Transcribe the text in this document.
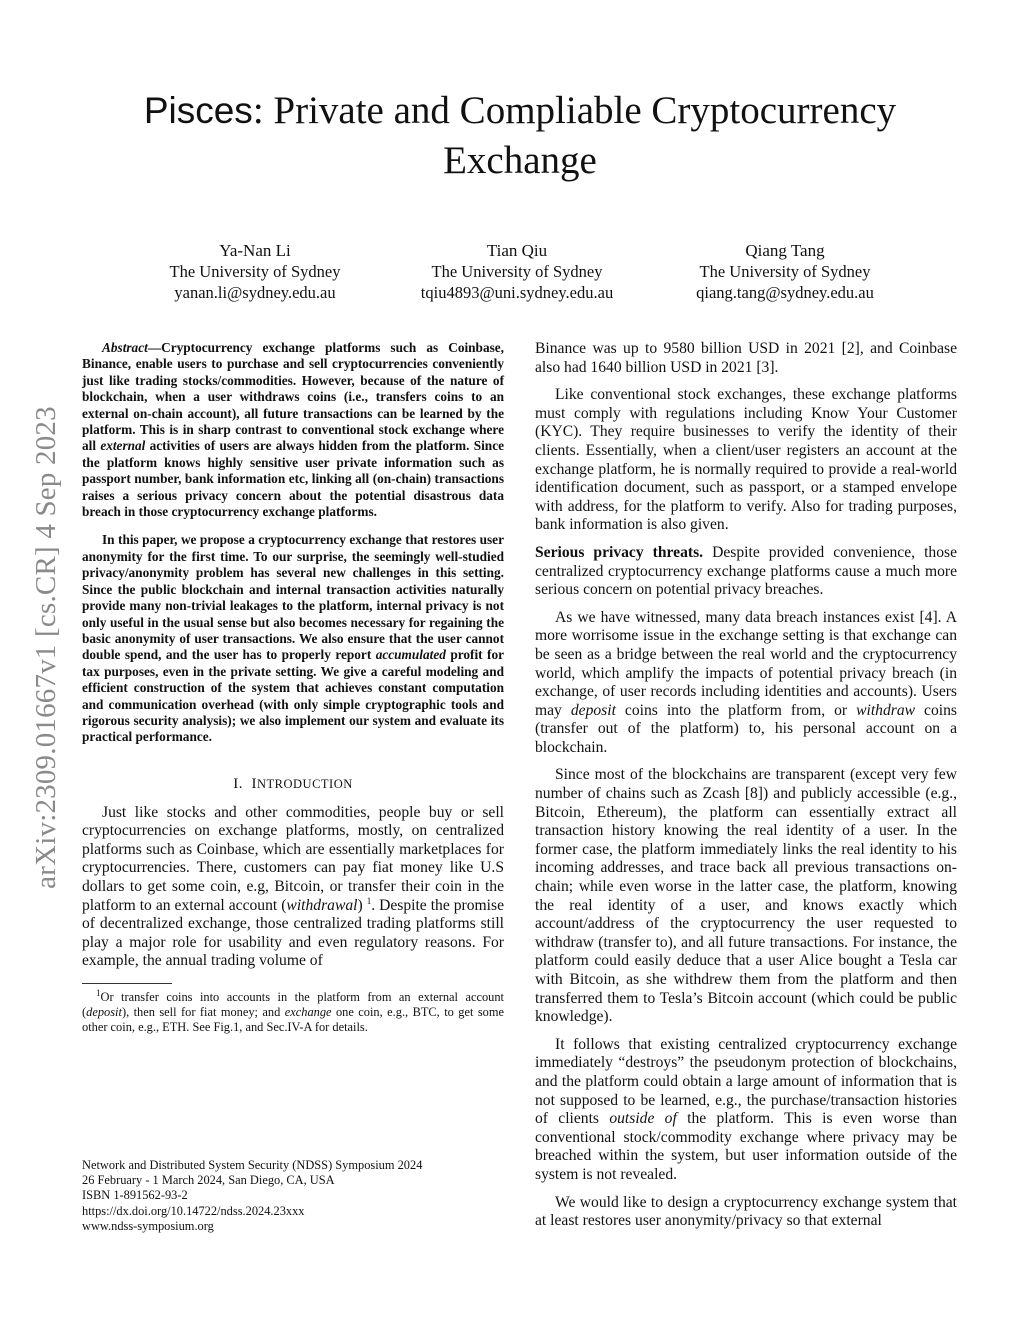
arXiv:2309.01667v1 [cs.CR] 4 Sep 2023
Pisces: Private and Compliable Cryptocurrency Exchange
Ya-Nan Li
The University of Sydney
yanan.li@sydney.edu.au
Tian Qiu
The University of Sydney
tqiu4893@uni.sydney.edu.au
Qiang Tang
The University of Sydney
qiang.tang@sydney.edu.au

Abstract—Cryptocurrency exchange platforms such as Coinbase, Binance, enable users to purchase and sell cryptocurrencies conveniently just like trading stocks/commodities. However, because of the nature of blockchain, when a user withdraws coins (i.e., transfers coins to an external on-chain account), all future transactions can be learned by the platform. This is in sharp contrast to conventional stock exchange where all external activities of users are always hidden from the platform. Since the platform knows highly sensitive user private information such as passport number, bank information etc, linking all (on-chain) transactions raises a serious privacy concern about the potential disastrous data breach in those cryptocurrency exchange platforms.

In this paper, we propose a cryptocurrency exchange that restores user anonymity for the first time. To our surprise, the seemingly well-studied privacy/anonymity problem has several new challenges in this setting. Since the public blockchain and internal transaction activities naturally provide many non-trivial leakages to the platform, internal privacy is not only useful in the usual sense but also becomes necessary for regaining the basic anonymity of user transactions. We also ensure that the user cannot double spend, and the user has to properly report accumulated profit for tax purposes, even in the private setting. We give a careful modeling and efficient construction of the system that achieves constant computation and communication overhead (with only simple cryptographic tools and rigorous security analysis); we also implement our system and evaluate its practical performance.

I. INTRODUCTION

Just like stocks and other commodities, people buy or sell cryptocurrencies on exchange platforms, mostly, on centralized platforms such as Coinbase, which are essentially marketplaces for cryptocurrencies. There, customers can pay fiat money like U.S dollars to get some coin, e.g, Bitcoin, or transfer their coin in the platform to an external account (withdrawal) $^1$. Despite the promise of decentralized exchange, those centralized trading platforms still play a major role for usability and even regulatory reasons. For example, the annual trading volume of

$^1$Or transfer coins into accounts in the platform from an external account (deposit), then sell for fiat money; and exchange one coin, e.g., BTC, to get some other coin, e.g., ETH. See Fig.1, and Sec.IV-A for details.

Network and Distributed System Security (NDSS) Symposium 2024
26 February - 1 March 2024, San Diego, CA, USA
ISBN 1-891562-93-2
https://dx.doi.org/10.14722/ndss.2024.23xxx
www.ndss-symposium.org

Binance was up to 9580 billion USD in 2021 [2], and Coinbase also had 1640 billion USD in 2021 [3].

Like conventional stock exchanges, these exchange platforms must comply with regulations including Know Your Customer (KYC). They require businesses to verify the identity of their clients. Essentially, when a client/user registers an account at the exchange platform, he is normally required to provide a real-world identification document, such as passport, or a stamped envelope with address, for the platform to verify. Also for trading purposes, bank information is also given.

Serious privacy threats. Despite provided convenience, those centralized cryptocurrency exchange platforms cause a much more serious concern on potential privacy breaches.

As we have witnessed, many data breach instances exist [4]. A more worrisome issue in the exchange setting is that exchange can be seen as a bridge between the real world and the cryptocurrency world, which amplify the impacts of potential privacy breach (in exchange, of user records including identities and accounts). Users may deposit coins into the platform from, or withdraw coins (transfer out of the platform) to, his personal account on a blockchain.

Since most of the blockchains are transparent (except very few number of chains such as Zcash [8]) and publicly accessible (e.g., Bitcoin, Ethereum), the platform can essentially extract all transaction history knowing the real identity of a user. In the former case, the platform immediately links the real identity to his incoming addresses, and trace back all previous transactions on-chain; while even worse in the latter case, the platform, knowing the real identity of a user, and knows exactly which account/address of the cryptocurrency the user requested to withdraw (transfer to), and all future transactions. For instance, the platform could easily deduce that a user Alice bought a Tesla car with Bitcoin, as she withdrew them from the platform and then transferred them to Tesla’s Bitcoin account (which could be public knowledge).

It follows that existing centralized cryptocurrency exchange immediately “destroys” the pseudonym protection of blockchains, and the platform could obtain a large amount of information that is not supposed to be learned, e.g., the purchase/transaction histories of clients outside of the platform. This is even worse than conventional stock/commodity exchange where privacy may be breached within the system, but user information outside of the system is not revealed.

We would like to design a cryptocurrency exchange system that at least restores user anonymity/privacy so that external
